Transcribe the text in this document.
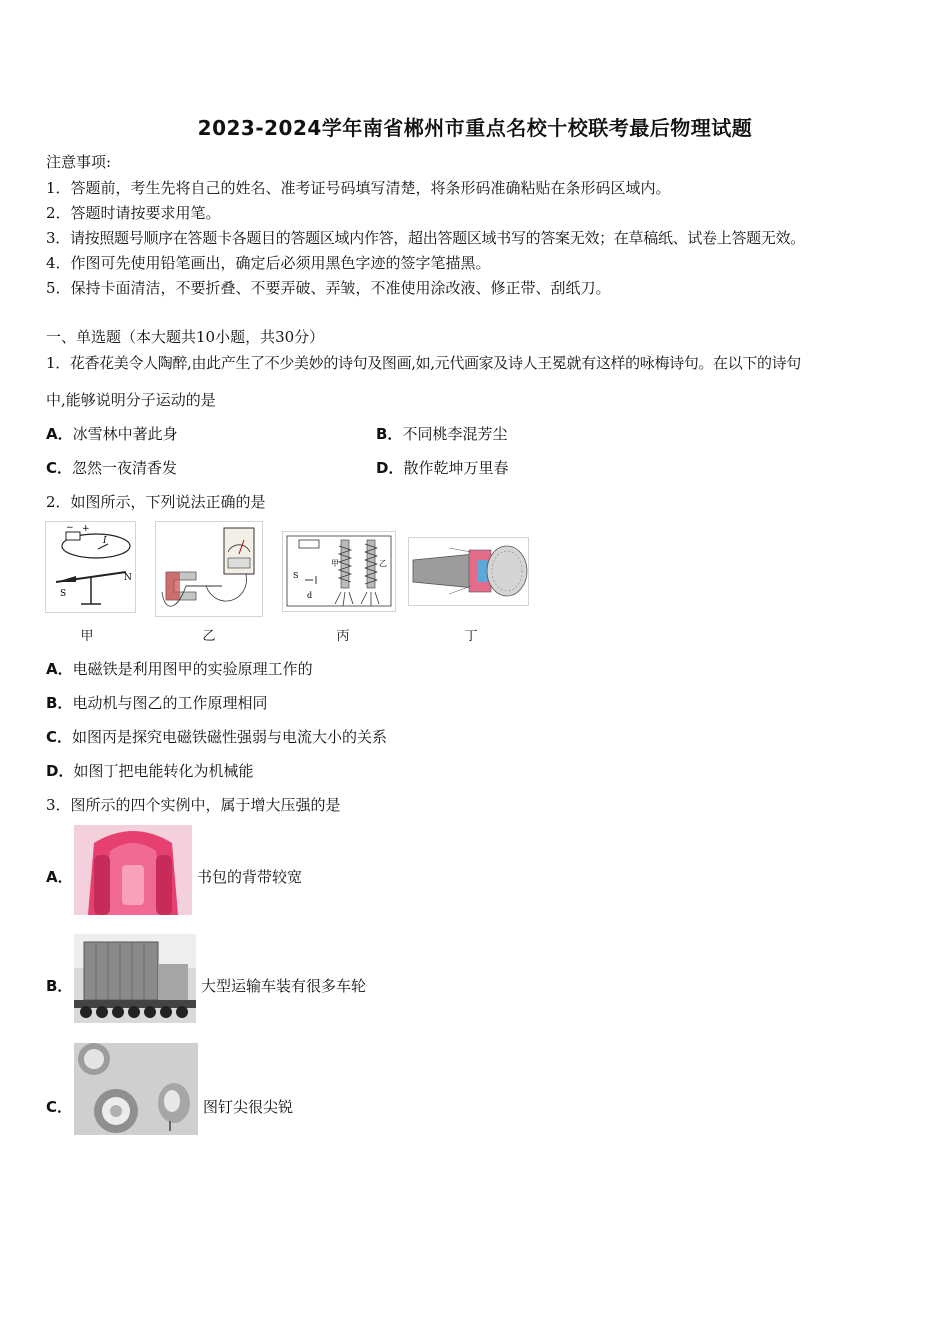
2023-2024学年南省郴州市重点名校十校联考最后物理试题
注意事项:
1．答题前，考生先将自己的姓名、准考证号码填写清楚，将条形码准确粘贴在条形码区域内。
2．答题时请按要求用笔。
3．请按照题号顺序在答题卡各题目的答题区域内作答，超出答题区域书写的答案无效；在草稿纸、试卷上答题无效。
4．作图可先使用铅笔画出，确定后必须用黑色字迹的签字笔描黑。
5．保持卡面清洁，不要折叠、不要弄破、弄皱，不准使用涂改液、修正带、刮纸刀。
一、单选题（本大题共10小题，共30分）
1．花香花美令人陶醉,由此产生了不少美妙的诗句及图画,如,元代画家及诗人王冕就有这样的咏梅诗句。在以下的诗句
中,能够说明分子运动的是
A．冰雪林中著此身	B．不同桃李混芳尘
C．忽然一夜清香发	D．散作乾坤万里春
2．如图所示，下列说法正确的是
− +
I
S
N	S
d
甲	乙
甲	乙	丙	丁
A．电磁铁是利用图甲的实验原理工作的
B．电动机与图乙的工作原理相同
C．如图丙是探究电磁铁磁性强弱与电流大小的关系
D．如图丁把电能转化为机械能
3．图所示的四个实例中，属于增大压强的是
A．	书包的背带较宽
B．	大型运输车装有很多车轮
C．	图钉尖很尖锐
